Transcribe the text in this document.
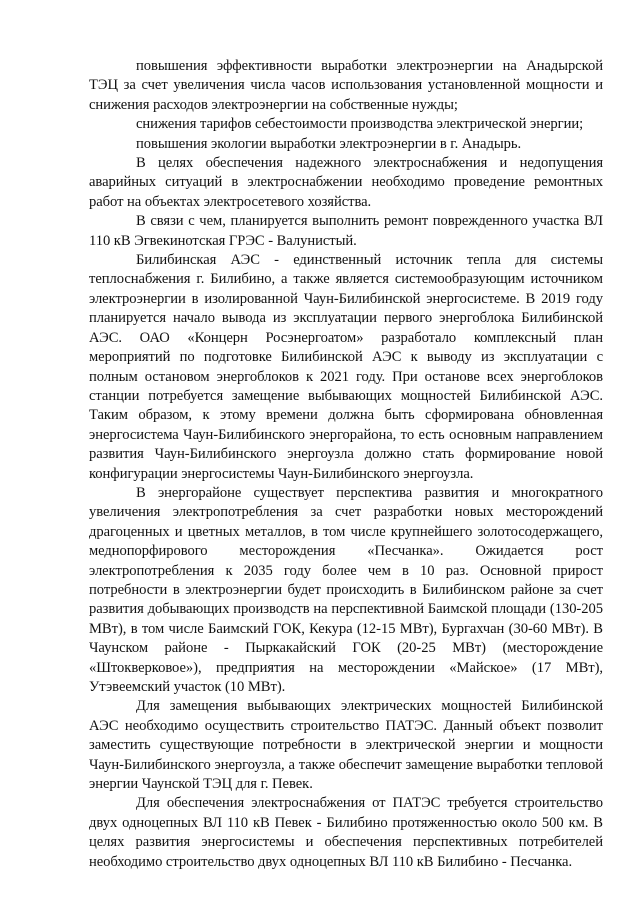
повышения эффективности выработки электроэнергии на Анадырской ТЭЦ за счет увеличения числа часов использования установленной мощности и снижения расходов электроэнергии на собственные нужды;

снижения тарифов себестоимости производства электрической энергии;

повышения экологии выработки электроэнергии в г. Анадырь.

В целях обеспечения надежного электроснабжения и недопущения аварийных ситуаций в электроснабжении необходимо проведение ремонтных работ на объектах электросетевого хозяйства.

В связи с чем, планируется выполнить ремонт поврежденного участка ВЛ 110 кВ Эгвекинотская ГРЭС - Валунистый.

Билибинская АЭС - единственный источник тепла для системы теплоснабжения г. Билибино, а также является системообразующим источником электроэнергии в изолированной Чаун-Билибинской энергосистеме. В 2019 году планируется начало вывода из эксплуатации первого энергоблока Билибинской АЭС. ОАО «Концерн Росэнергоатом» разработало комплексный план мероприятий по подготовке Билибинской АЭС к выводу из эксплуатации с полным остановом энергоблоков к 2021 году. При останове всех энергоблоков станции потребуется замещение выбывающих мощностей Билибинской АЭС. Таким образом, к этому времени должна быть сформирована обновленная энергосистема Чаун-Билибинского энергорайона, то есть основным направлением развития Чаун-Билибинского энергоузла должно стать формирование новой конфигурации энергосистемы Чаун-Билибинского энергоузла.

В энергорайоне существует перспектива развития и многократного увеличения электропотребления за счет разработки новых месторождений драгоценных и цветных металлов, в том числе крупнейшего золотосодержащего, меднопорфирового месторождения «Песчанка». Ожидается рост электропотребления к 2035 году более чем в 10 раз. Основной прирост потребности в электроэнергии будет происходить в Билибинском районе за счет развития добывающих производств на перспективной Баимской площади (130-205 МВт), в том числе Баимский ГОК, Кекура (12-15 МВт), Бургахчан (30-60 МВт). В Чаунском районе - Пыркакайский ГОК (20-25 МВт) (месторождение «Штокверковое»), предприятия на месторождении «Майское» (17 МВт), Утэвеемский участок (10 МВт).

Для замещения выбывающих электрических мощностей Билибинской АЭС необходимо осуществить строительство ПАТЭС. Данный объект позволит заместить существующие потребности в электрической энергии и мощности Чаун-Билибинского энергоузла, а также обеспечит замещение выработки тепловой энергии Чаунской ТЭЦ для г. Певек.

Для обеспечения электроснабжения от ПАТЭС требуется строительство двух одноцепных ВЛ 110 кВ Певек - Билибино протяженностью около 500 км. В целях развития энергосистемы и обеспечения перспективных потребителей необходимо строительство двух одноцепных ВЛ 110 кВ Билибино - Песчанка.
